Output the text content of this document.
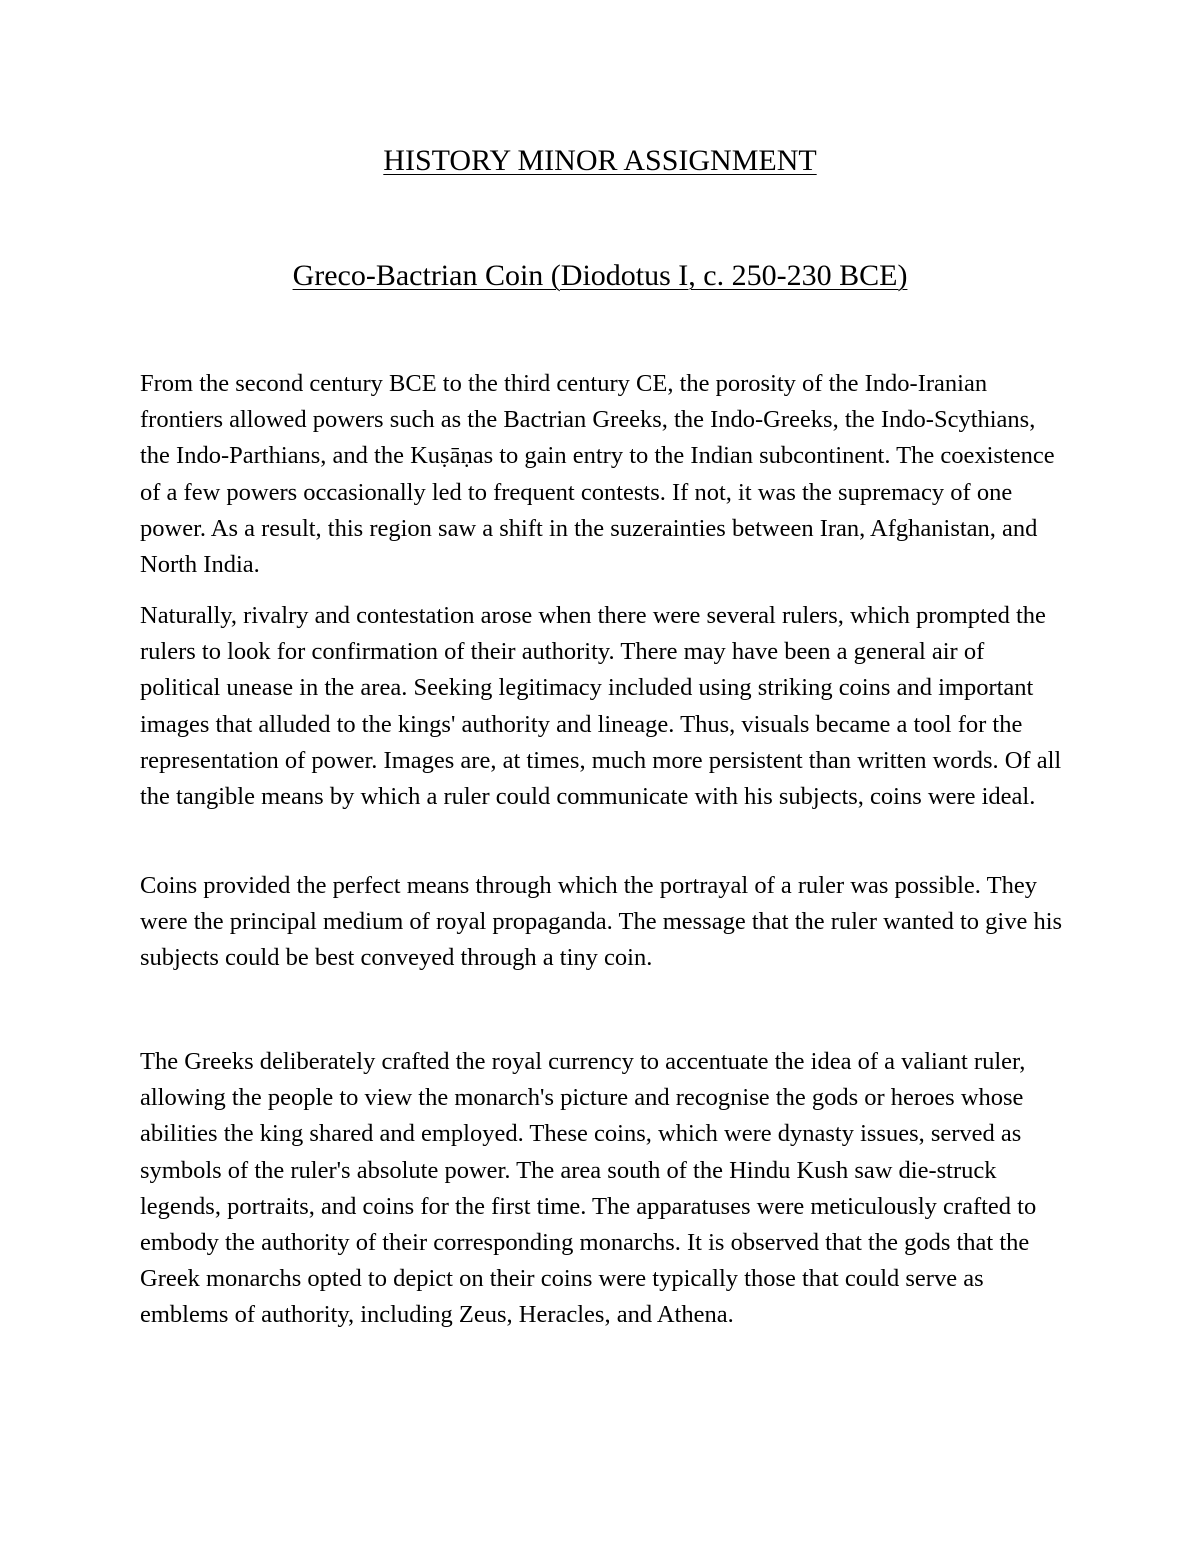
HISTORY MINOR ASSIGNMENT
Greco-Bactrian Coin (Diodotus I, c. 250-230 BCE)

From the second century BCE to the third century CE, the porosity of the Indo-Iranian frontiers allowed powers such as the Bactrian Greeks, the Indo-Greeks, the Indo-Scythians, the Indo-Parthians, and the Kuṣāṇas to gain entry to the Indian subcontinent. The coexistence of a few powers occasionally led to frequent contests. If not, it was the supremacy of one power. As a result, this region saw a shift in the suzerainties between Iran, Afghanistan, and North India.

Naturally, rivalry and contestation arose when there were several rulers, which prompted the rulers to look for confirmation of their authority. There may have been a general air of political unease in the area. Seeking legitimacy included using striking coins and important images that alluded to the kings' authority and lineage. Thus, visuals became a tool for the representation of power. Images are, at times, much more persistent than written words. Of all the tangible means by which a ruler could communicate with his subjects, coins were ideal.

Coins provided the perfect means through which the portrayal of a ruler was possible. They were the principal medium of royal propaganda. The message that the ruler wanted to give his subjects could be best conveyed through a tiny coin.

The Greeks deliberately crafted the royal currency to accentuate the idea of a valiant ruler, allowing the people to view the monarch's picture and recognise the gods or heroes whose abilities the king shared and employed. These coins, which were dynasty issues, served as symbols of the ruler's absolute power. The area south of the Hindu Kush saw die-struck legends, portraits, and coins for the first time. The apparatuses were meticulously crafted to embody the authority of their corresponding monarchs. It is observed that the gods that the Greek monarchs opted to depict on their coins were typically those that could serve as emblems of authority, including Zeus, Heracles, and Athena.
